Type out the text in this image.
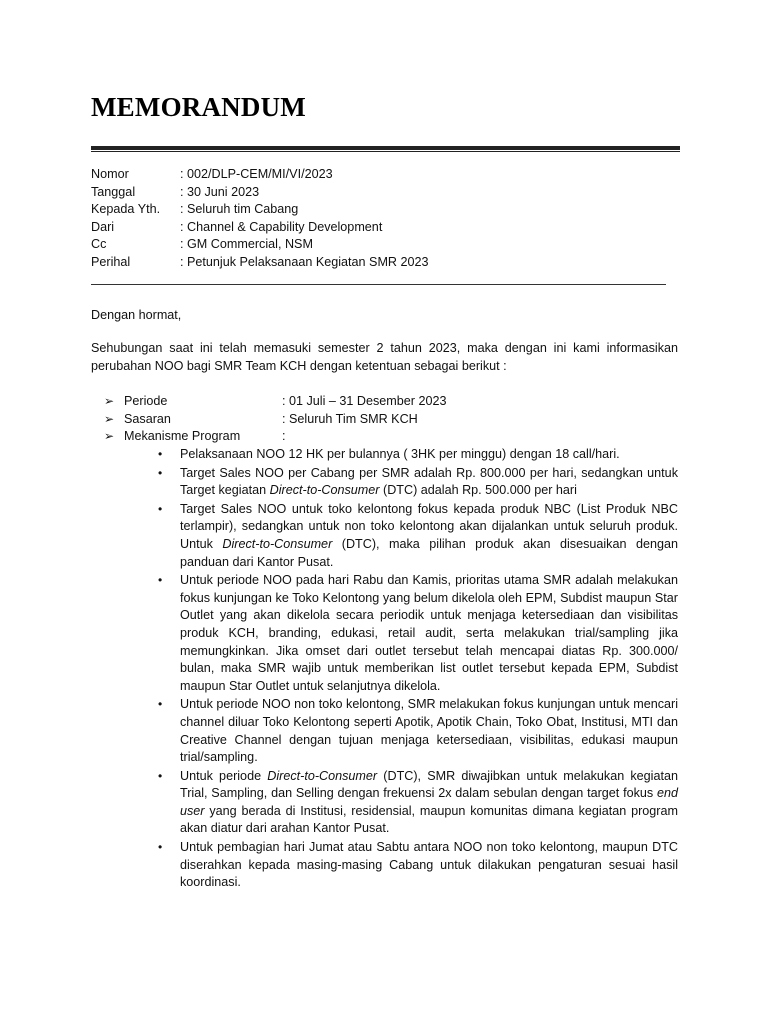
MEMORANDUM
Nomor	: 002/DLP-CEM/MI/VI/2023
Tanggal	: 30 Juni 2023
Kepada Yth. : Seluruh tim Cabang
Dari	: Channel & Capability Development
Cc	: GM Commercial, NSM
Perihal	: Petunjuk Pelaksanaan Kegiatan SMR 2023
Dengan hormat,
Sehubungan saat ini telah memasuki semester 2 tahun 2023, maka dengan ini kami informasikan perubahan NOO bagi SMR Team KCH dengan ketentuan sebagai berikut :
➢ Periode	: 01 Juli – 31 Desember 2023
➢ Sasaran	: Seluruh Tim SMR KCH
➢ Mekanisme Program	:
• Pelaksanaan NOO 12 HK per bulannya ( 3HK per minggu) dengan 18 call/hari.
• Target Sales NOO per Cabang per SMR adalah Rp. 800.000 per hari, sedangkan untuk Target kegiatan Direct-to-Consumer (DTC) adalah Rp. 500.000 per hari
• Target Sales NOO untuk toko kelontong fokus kepada produk NBC (List Produk NBC terlampir), sedangkan untuk non toko kelontong akan dijalankan untuk seluruh produk. Untuk Direct-to-Consumer (DTC), maka pilihan produk akan disesuaikan dengan panduan dari Kantor Pusat.
• Untuk periode NOO pada hari Rabu dan Kamis, prioritas utama SMR adalah melakukan fokus kunjungan ke Toko Kelontong yang belum dikelola oleh EPM, Subdist maupun Star Outlet yang akan dikelola secara periodik untuk menjaga ketersediaan dan visibilitas produk KCH, branding, edukasi, retail audit, serta melakukan trial/sampling jika memungkinkan. Jika omset dari outlet tersebut telah mencapai diatas Rp. 300.000/ bulan, maka SMR wajib untuk memberikan list outlet tersebut kepada EPM, Subdist maupun Star Outlet untuk selanjutnya dikelola.
• Untuk periode NOO non toko kelontong, SMR melakukan fokus kunjungan untuk mencari channel diluar Toko Kelontong seperti Apotik, Apotik Chain, Toko Obat, Institusi, MTI dan Creative Channel dengan tujuan menjaga ketersediaan, visibilitas, edukasi maupun trial/sampling.
• Untuk periode Direct-to-Consumer (DTC), SMR diwajibkan untuk melakukan kegiatan Trial, Sampling, dan Selling dengan frekuensi 2x dalam sebulan dengan target fokus end user yang berada di Institusi, residensial, maupun komunitas dimana kegiatan program akan diatur dari arahan Kantor Pusat.
• Untuk pembagian hari Jumat atau Sabtu antara NOO non toko kelontong, maupun DTC diserahkan kepada masing-masing Cabang untuk dilakukan pengaturan sesuai hasil koordinasi.
